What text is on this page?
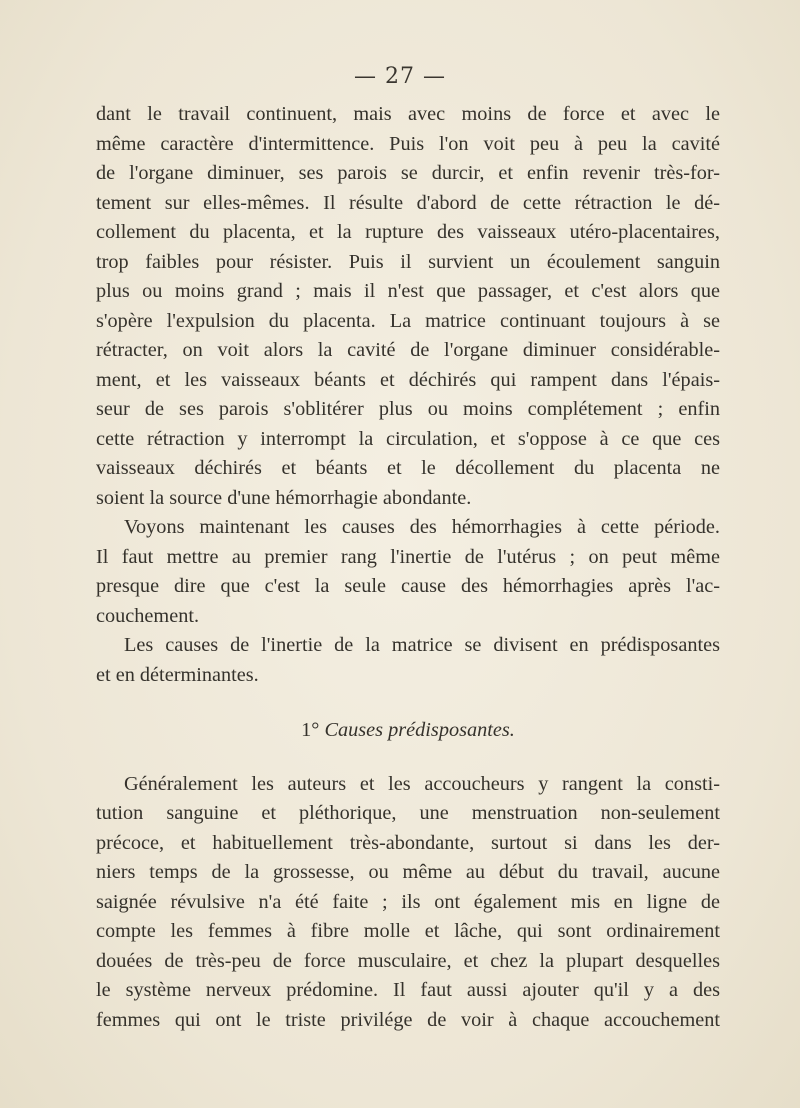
— 27 —
dant le travail continuent, mais avec moins de force et avec le
même caractère d'intermittence. Puis l'on voit peu à peu la cavité
de l'organe diminuer, ses parois se durcir, et enfin revenir très-for-
tement sur elles-mêmes. Il résulte d'abord de cette rétraction le dé-
collement du placenta, et la rupture des vaisseaux utéro-placentaires,
trop faibles pour résister. Puis il survient un écoulement sanguin
plus ou moins grand ; mais il n'est que passager, et c'est alors que
s'opère l'expulsion du placenta. La matrice continuant toujours à se
rétracter, on voit alors la cavité de l'organe diminuer considérable-
ment, et les vaisseaux béants et déchirés qui rampent dans l'épais-
seur de ses parois s'oblitérer plus ou moins complétement ; enfin
cette rétraction y interrompt la circulation, et s'oppose à ce que ces
vaisseaux déchirés et béants et le décollement du placenta ne
soient la source d'une hémorrhagie abondante.
Voyons maintenant les causes des hémorrhagies à cette période.
Il faut mettre au premier rang l'inertie de l'utérus ; on peut même
presque dire que c'est la seule cause des hémorrhagies après l'ac-
couchement.
Les causes de l'inertie de la matrice se divisent en prédisposantes
et en déterminantes.
1° Causes prédisposantes.
Généralement les auteurs et les accoucheurs y rangent la consti-
tution sanguine et pléthorique, une menstruation non-seulement
précoce, et habituellement très-abondante, surtout si dans les der-
niers temps de la grossesse, ou même au début du travail, aucune
saignée révulsive n'a été faite ; ils ont également mis en ligne de
compte les femmes à fibre molle et lâche, qui sont ordinairement
douées de très-peu de force musculaire, et chez la plupart desquelles
le système nerveux prédomine. Il faut aussi ajouter qu'il y a des
femmes qui ont le triste privilége de voir à chaque accouchement
